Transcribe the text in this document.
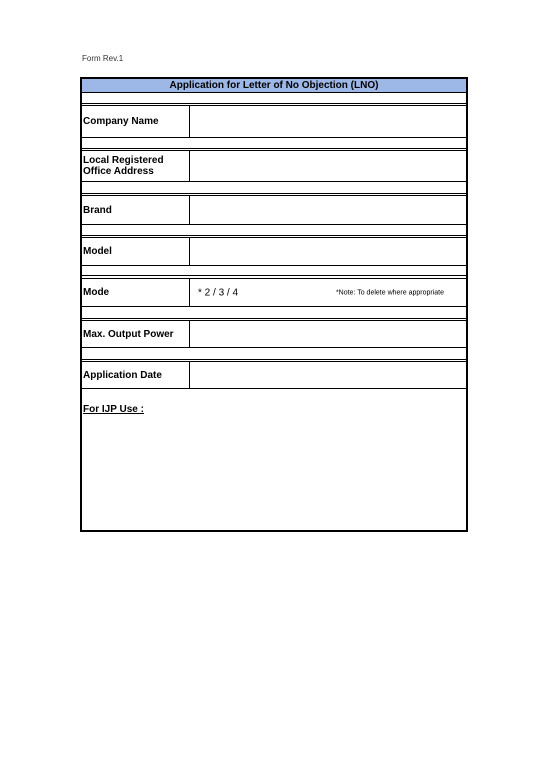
Form Rev.1
Application for Letter of No Objection (LNO)
Company Name
Local Registered
Office Address
Brand
Model
Mode	* 2 / 3 / 4	*Note: To delete where appropriate
Max. Output Power
Application Date
For IJP Use :
